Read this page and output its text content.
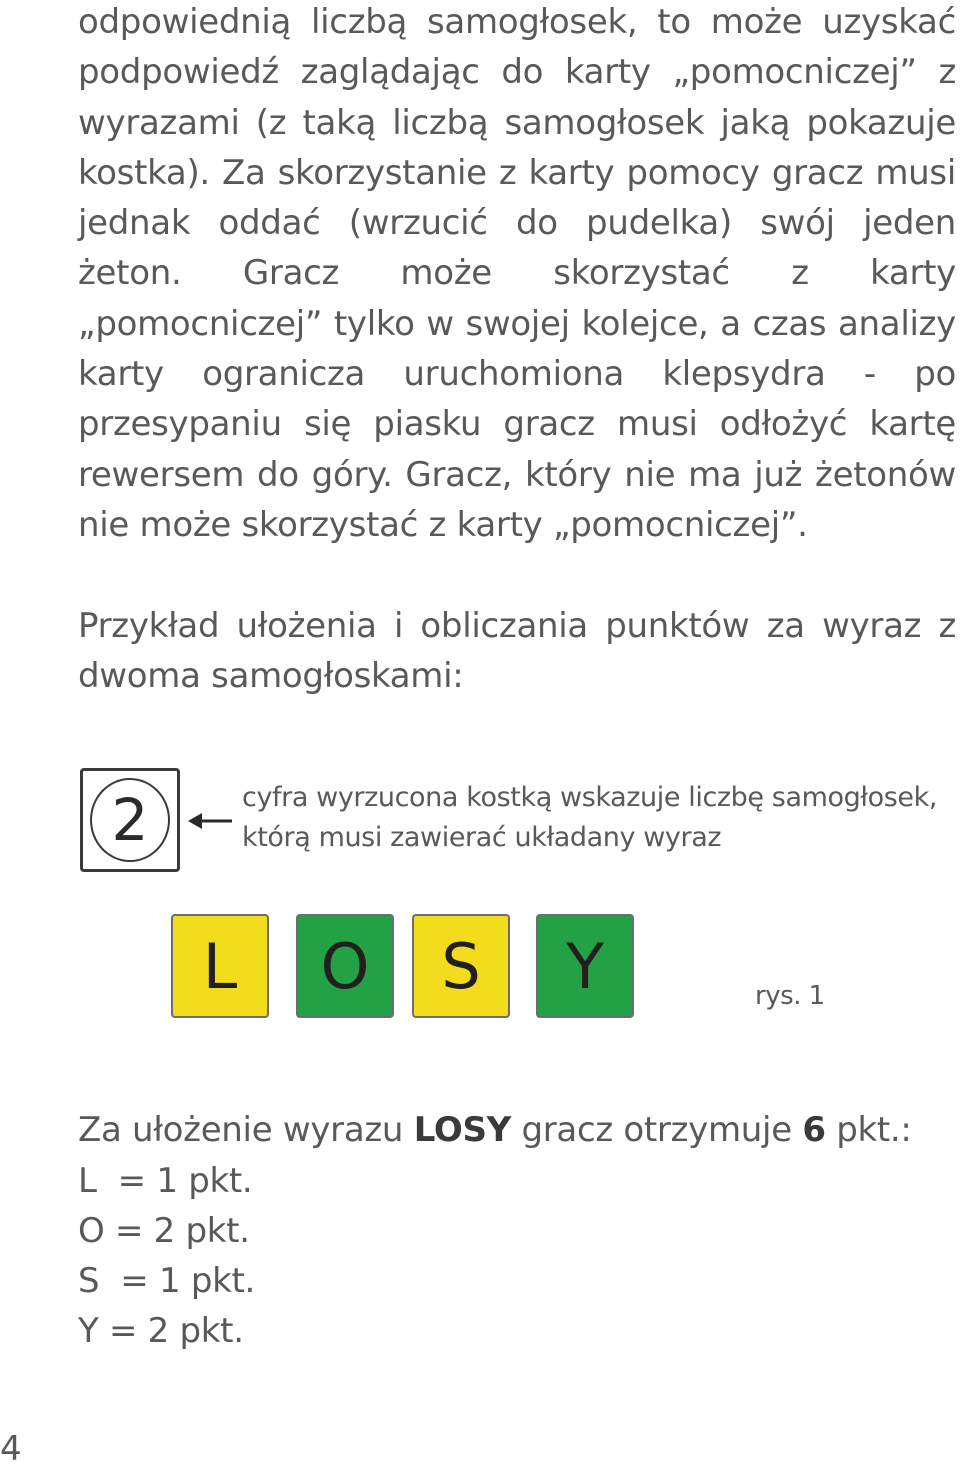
odpowiednią liczbą samogłosek, to może uzyskać podpowiedź zaglądając do karty „pomocniczej” z wyrazami (z taką liczbą samogłosek jaką pokazuje kostka). Za skorzystanie z karty pomocy gracz musi jednak oddać (wrzucić do pudelka) swój jeden żeton. Gracz może skorzystać z karty „pomocniczej” tylko w swojej kolejce, a czas analizy karty ogranicza uruchomiona klepsydra - po przesypaniu się piasku gracz musi odłożyć kartę rewersem do góry. Gracz, który nie ma już żetonów nie może skorzystać z karty „pomocniczej”.

Przykład ułożenia i obliczania punktów za wyraz z dwoma samogłoskami:

2	cyfra wyrzucona kostką wskazuje liczbę samogłosek, którą musi zawierać układany wyraz

L	O	S	Y	rys. 1

Za ułożenie wyrazu LOSY gracz otrzymuje 6 pkt.:

L  = 1 pkt.
O = 2 pkt.
S  = 1 pkt.
Y = 2 pkt.
4
